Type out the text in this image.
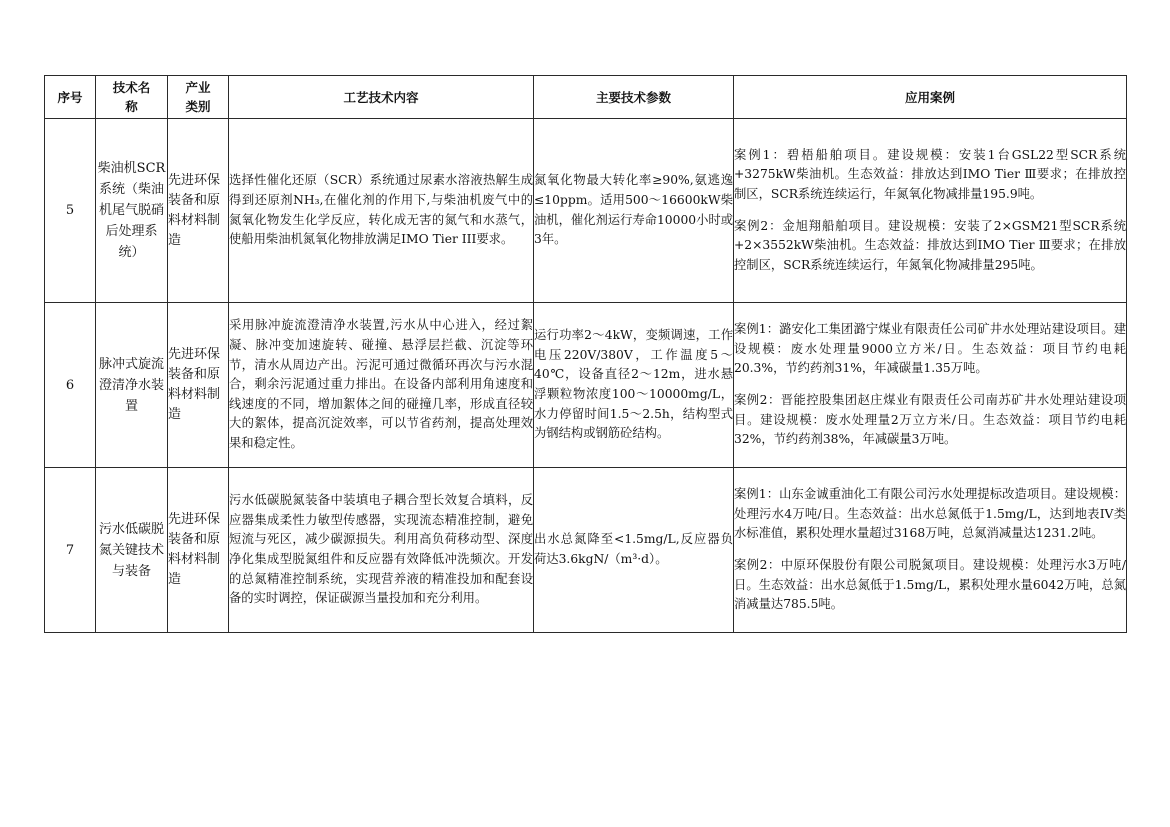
序号	技术名称	产业类别	工艺技术内容	主要技术参数	应用案例
5	柴油机SCR系统（柴油机尾气脱硝后处理系统）	先进环保装备和原料材料制造	选择性催化还原（SCR）系统通过尿素水溶液热解生成得到还原剂NH₃,在催化剂的作用下,与柴油机废气中的氮氧化物发生化学反应，转化成无害的氮气和水蒸气，使船用柴油机氮氧化物排放满足IMO Tier III要求。	氮氧化物最大转化率≥90%,氨逃逸≤10ppm。适用500～16600kW柴油机，催化剂运行寿命10000小时或3年。	案例1：碧梧船舶项目。建设规模：安装1台GSL22型SCR系统+3275kW柴油机。生态效益：排放达到IMO Tier Ⅲ要求；在排放控制区，SCR系统连续运行，年氮氧化物减排量195.9吨。

案例2：金旭翔船舶项目。建设规模：安装了2×GSM21型SCR系统+2×3552kW柴油机。生态效益：排放达到IMO Tier Ⅲ要求；在排放控制区，SCR系统连续运行，年氮氧化物减排量295吨。

6	脉冲式旋流澄清净水装置	先进环保装备和原料材料制造	采用脉冲旋流澄清净水装置,污水从中心进入，经过絮凝、脉冲变加速旋转、碰撞、悬浮层拦截、沉淀等环节，清水从周边产出。污泥可通过微循环再次与污水混合，剩余污泥通过重力排出。在设备内部利用角速度和线速度的不同，增加絮体之间的碰撞几率，形成直径较大的絮体，提高沉淀效率，可以节省药剂，提高处理效果和稳定性。	运行功率2～4kW，变频调速，工作电压220V/380V，工作温度5～40℃，设备直径2～12m，进水悬浮颗粒物浓度100～10000mg/L，水力停留时间1.5～2.5h，结构型式为钢结构或钢筋砼结构。	案例1：潞安化工集团潞宁煤业有限责任公司矿井水处理站建设项目。建设规模：废水处理量9000立方米/日。生态效益：项目节约电耗20.3%，节约药剂31%，年减碳量1.35万吨。

案例2：晋能控股集团赵庄煤业有限责任公司南苏矿井水处理站建设项目。建设规模：废水处理量2万立方米/日。生态效益：项目节约电耗32%，节约药剂38%，年减碳量3万吨。

7	污水低碳脱氮关键技术与装备	先进环保装备和原料材料制造	污水低碳脱氮装备中装填电子耦合型长效复合填料，反应器集成柔性力敏型传感器，实现流态精准控制，避免短流与死区，减少碳源损失。利用高负荷移动型、深度净化集成型脱氮组件和反应器有效降低冲洗频次。开发的总氮精准控制系统，实现营养液的精准投加和配套设备的实时调控，保证碳源当量投加和充分利用。	出水总氮降至<1.5mg/L,反应器负荷达3.6kgN/（m³·d）。	案例1：山东金诚重油化工有限公司污水处理提标改造项目。建设规模：处理污水4万吨/日。生态效益：出水总氮低于1.5mg/L，达到地表IV类水标准值，累积处理水量超过3168万吨，总氮消减量达1231.2吨。

案例2：中原环保股份有限公司脱氮项目。建设规模：处理污水3万吨/日。生态效益：出水总氮低于1.5mg/L，累积处理水量6042万吨，总氮消减量达785.5吨。
